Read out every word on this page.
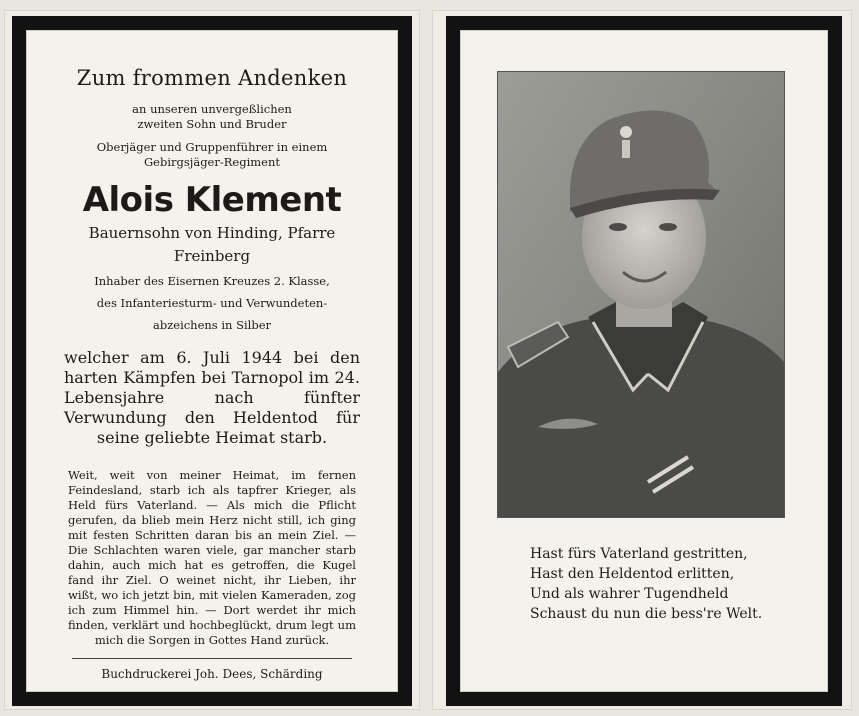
Zum frommen Andenken
an unseren unvergeßlichen
zweiten Sohn und Bruder
Oberjäger und Gruppenführer in einem
Gebirgsjäger-Regiment
Alois Klement
Bauernsohn von Hinding, Pfarre
Freinberg
Inhaber des Eisernen Kreuzes 2. Klasse,
des Infanteriesturm- und Verwundeten-
abzeichens in Silber
welcher am 6. Juli 1944 bei den harten Kämpfen bei Tarnopol im 24. Lebensjahre nach fünfter Verwundung den Heldentod für seine geliebte Heimat starb.
Weit, weit von meiner Heimat, im fernen Feindesland, starb ich als tapfrer Krieger, als Held fürs Vaterland. — Als mich die Pflicht gerufen, da blieb mein Herz nicht still, ich ging mit festen Schritten daran bis an mein Ziel. — Die Schlachten waren viele, gar mancher starb dahin, auch mich hat es getroffen, die Kugel fand ihr Ziel. O weinet nicht, ihr Lieben, ihr wißt, wo ich jetzt bin, mit vielen Kameraden, zog ich zum Himmel hin. — Dort werdet ihr mich finden, verklärt und hochbeglückt, drum legt um mich die Sorgen in Gottes Hand zurück.
Buchdruckerei Joh. Dees, Schärding
Hast fürs Vaterland gestritten,
Hast den Heldentod erlitten,
Und als wahrer Tugendheld
Schaust du nun die bess're Welt.
